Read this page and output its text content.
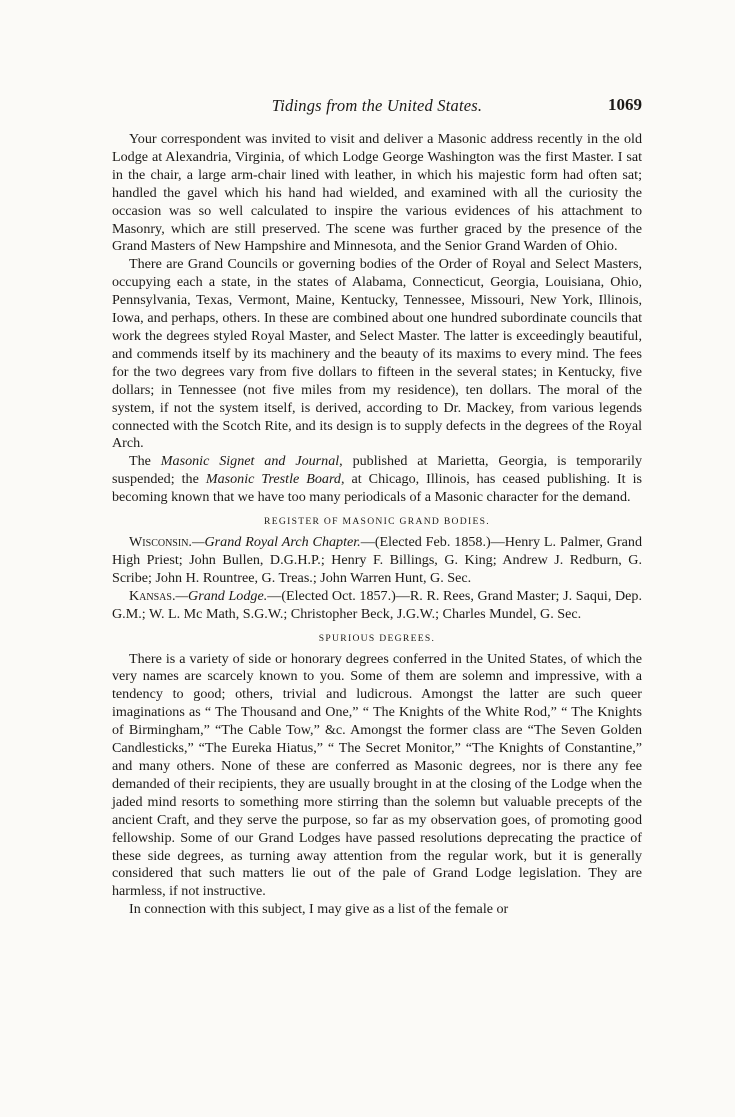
Tidings from the United States.	1069

Your correspondent was invited to visit and deliver a Masonic address recently in the old Lodge at Alexandria, Virginia, of which Lodge George Washington was the first Master. I sat in the chair, a large arm-chair lined with leather, in which his majestic form had often sat; handled the gavel which his hand had wielded, and examined with all the curiosity the occasion was so well calculated to inspire the various evidences of his attachment to Masonry, which are still preserved. The scene was further graced by the presence of the Grand Masters of New Hampshire and Minnesota, and the Senior Grand Warden of Ohio.

There are Grand Councils or governing bodies of the Order of Royal and Select Masters, occupying each a state, in the states of Alabama, Connecticut, Georgia, Louisiana, Ohio, Pennsylvania, Texas, Vermont, Maine, Kentucky, Tennessee, Missouri, New York, Illinois, Iowa, and perhaps, others. In these are combined about one hundred subordinate councils that work the degrees styled Royal Master, and Select Master. The latter is exceedingly beautiful, and commends itself by its machinery and the beauty of its maxims to every mind. The fees for the two degrees vary from five dollars to fifteen in the several states; in Kentucky, five dollars; in Tennessee (not five miles from my residence), ten dollars. The moral of the system, if not the system itself, is derived, according to Dr. Mackey, from various legends connected with the Scotch Rite, and its design is to supply defects in the degrees of the Royal Arch.

The Masonic Signet and Journal, published at Marietta, Georgia, is temporarily suspended; the Masonic Trestle Board, at Chicago, Illinois, has ceased publishing. It is becoming known that we have too many periodicals of a Masonic character for the demand.

REGISTER OF MASONIC GRAND BODIES.

Wisconsin.—Grand Royal Arch Chapter.—(Elected Feb. 1858.)—Henry L. Palmer, Grand High Priest; John Bullen, D.G.H.P.; Henry F. Billings, G. King; Andrew J. Redburn, G. Scribe; John H. Rountree, G. Treas.; John Warren Hunt, G. Sec.

Kansas.—Grand Lodge.—(Elected Oct. 1857.)—R. R. Rees, Grand Master; J. Saqui, Dep. G.M.; W. L. Mc Math, S.G.W.; Christopher Beck, J.G.W.; Charles Mundel, G. Sec.

SPURIOUS DEGREES.

There is a variety of side or honorary degrees conferred in the United States, of which the very names are scarcely known to you. Some of them are solemn and impressive, with a tendency to good; others, trivial and ludicrous. Amongst the latter are such queer imaginations as “ The Thousand and One,” “ The Knights of the White Rod,” “ The Knights of Birmingham,” “The Cable Tow,” &c. Amongst the former class are “The Seven Golden Candlesticks,” “The Eureka Hiatus,” “ The Secret Monitor,” “The Knights of Constantine,” and many others. None of these are conferred as Masonic degrees, nor is there any fee demanded of their recipients, they are usually brought in at the closing of the Lodge when the jaded mind resorts to something more stirring than the solemn but valuable precepts of the ancient Craft, and they serve the purpose, so far as my observation goes, of promoting good fellowship. Some of our Grand Lodges have passed resolutions deprecating the practice of these side degrees, as turning away attention from the regular work, but it is generally considered that such matters lie out of the pale of Grand Lodge legislation. They are harmless, if not instructive.

In connection with this subject, I may give as a list of the female or
